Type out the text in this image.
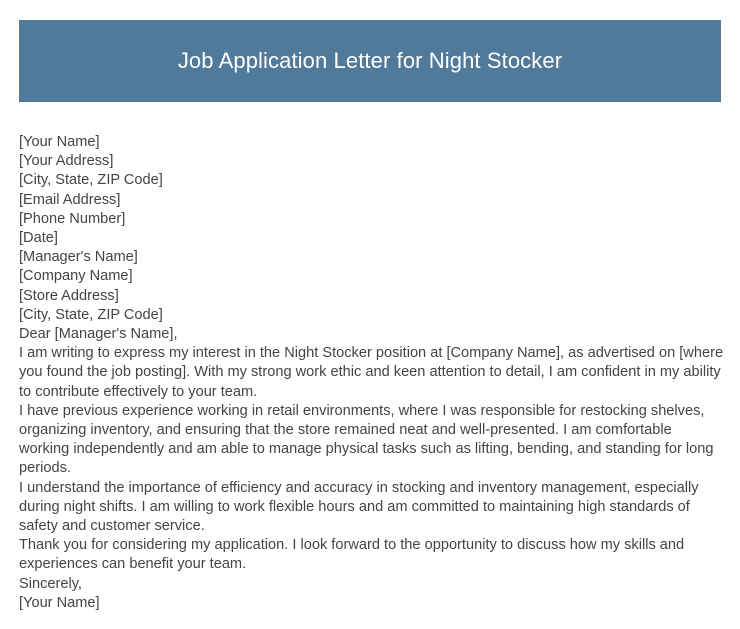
Job Application Letter for Night Stocker
[Your Name]
[Your Address]
[City, State, ZIP Code]
[Email Address]
[Phone Number]
[Date]
[Manager's Name]
[Company Name]
[Store Address]
[City, State, ZIP Code]
Dear [Manager's Name],

I am writing to express my interest in the Night Stocker position at [Company Name], as advertised on [where you found the job posting]. With my strong work ethic and keen attention to detail, I am confident in my ability to contribute effectively to your team.

I have previous experience working in retail environments, where I was responsible for restocking shelves, organizing inventory, and ensuring that the store remained neat and well-presented. I am comfortable working independently and am able to manage physical tasks such as lifting, bending, and standing for long periods.

I understand the importance of efficiency and accuracy in stocking and inventory management, especially during night shifts. I am willing to work flexible hours and am committed to maintaining high standards of safety and customer service.

Thank you for considering my application. I look forward to the opportunity to discuss how my skills and experiences can benefit your team.

Sincerely,
[Your Name]
